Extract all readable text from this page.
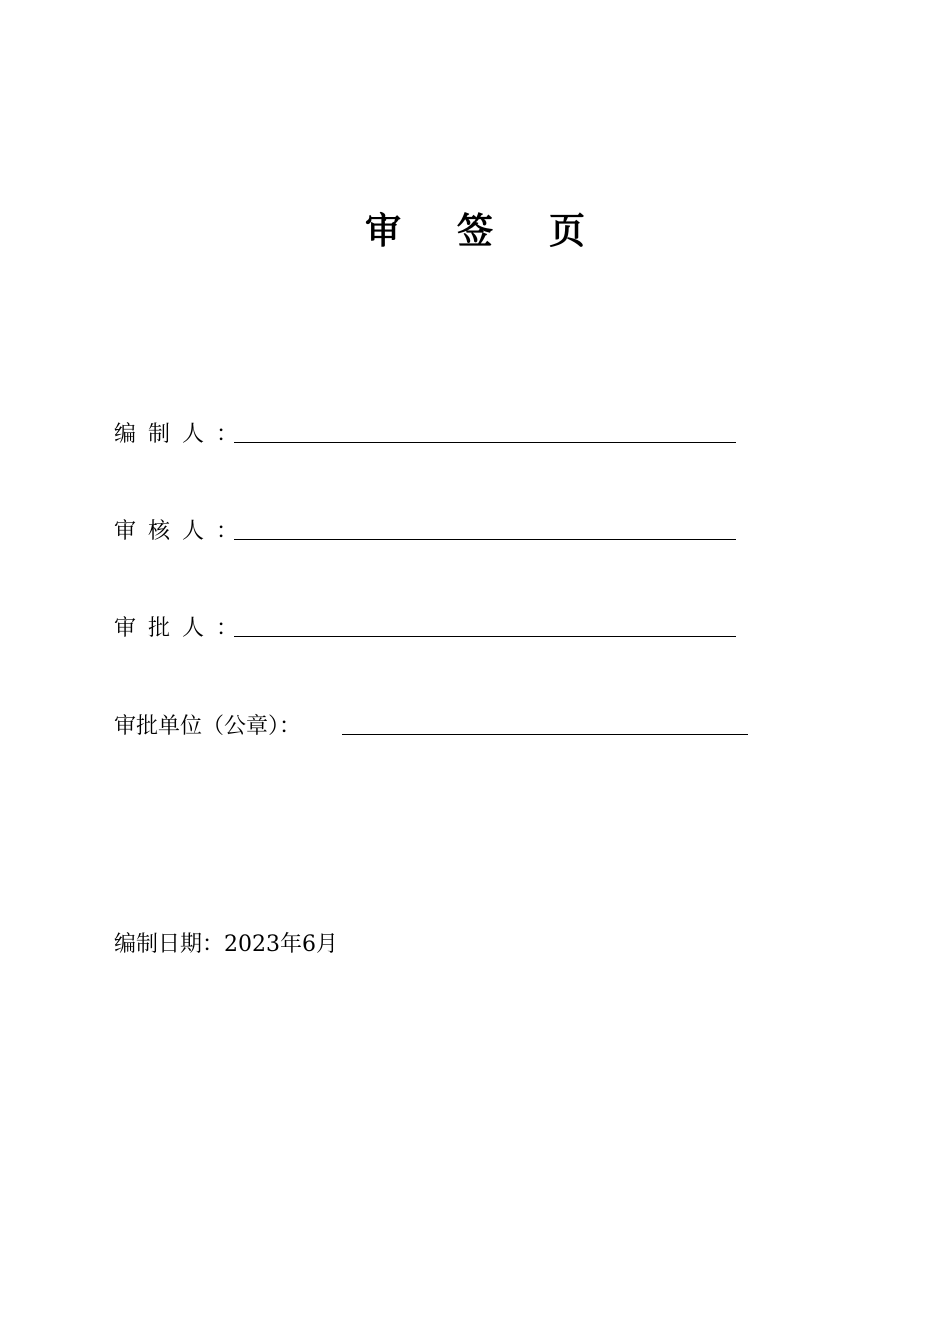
审 签 页
编制人：
审核人：
审批人：
审批单位（公章）：
编制日期：2023年6月
